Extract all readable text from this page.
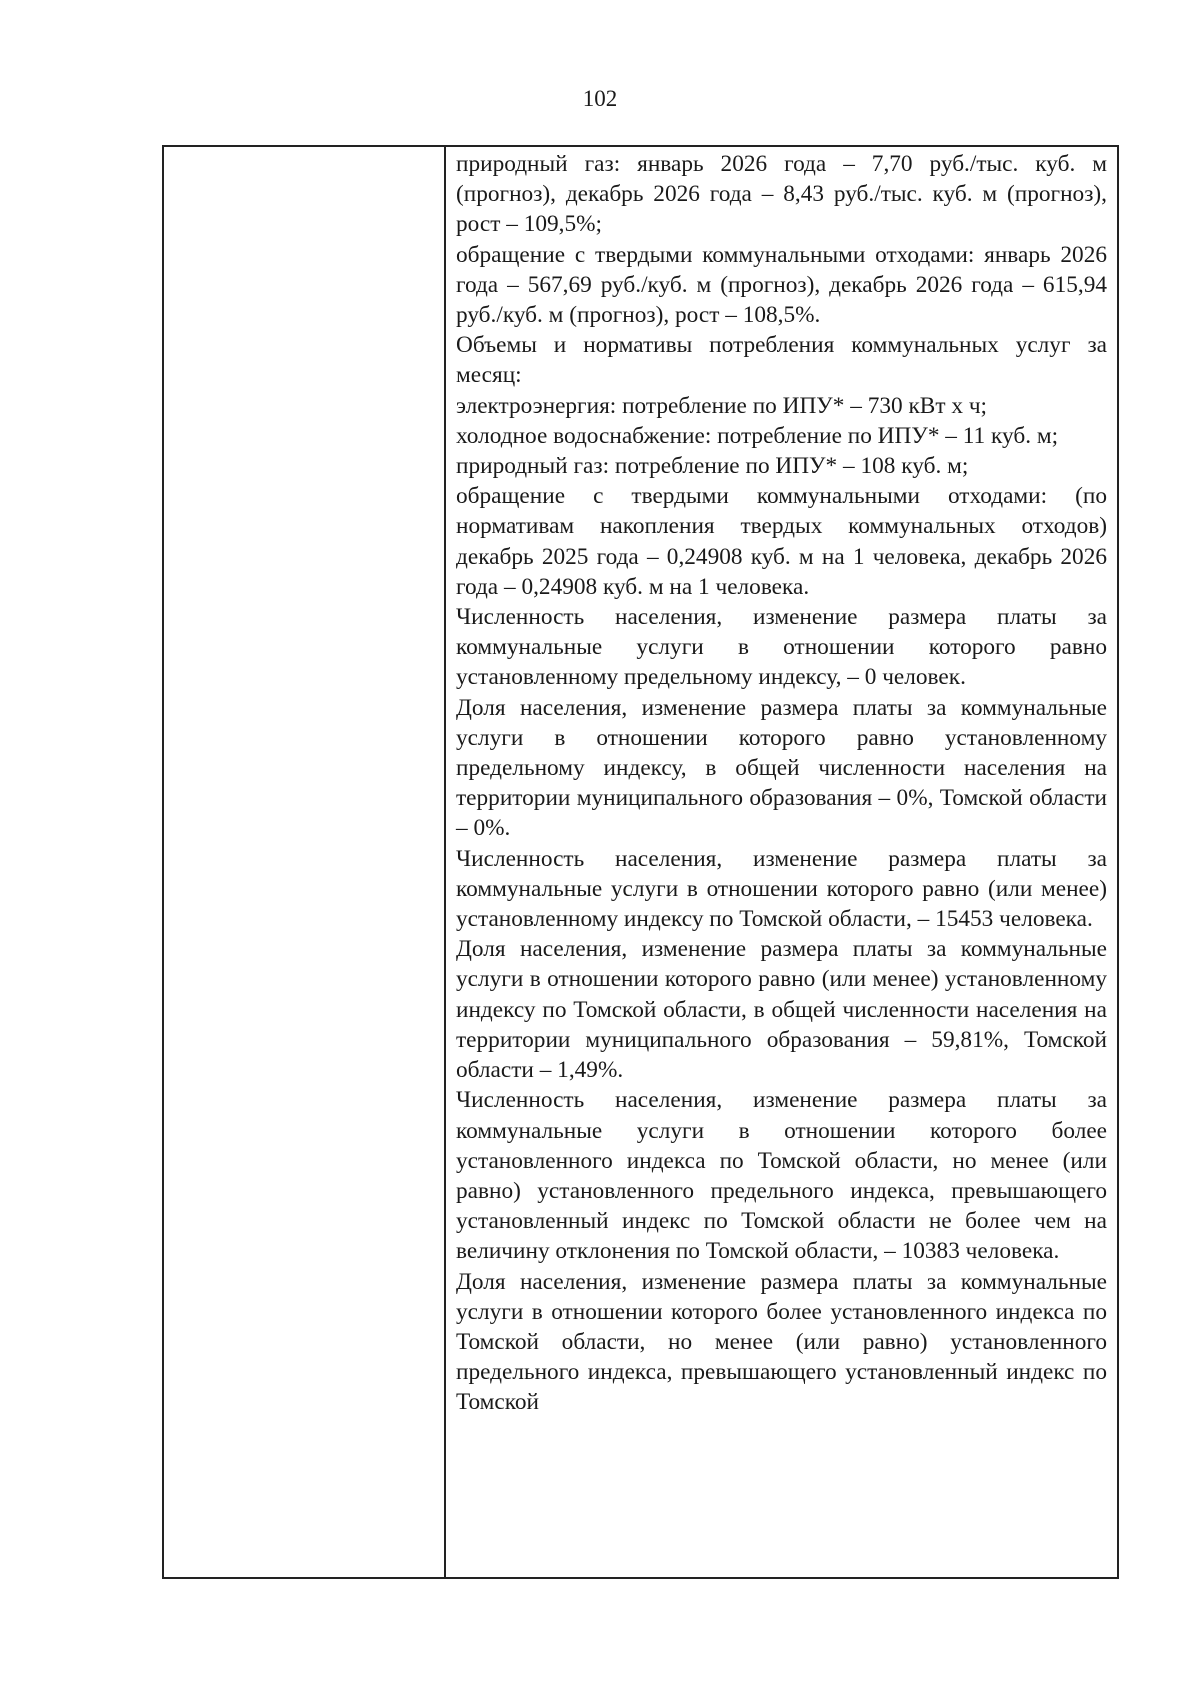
102

природный газ: январь 2026 года – 7,70 руб./тыс. куб. м (прогноз), декабрь 2026 года – 8,43 руб./тыс. куб. м (прогноз), рост – 109,5%;

обращение с твердыми коммунальными отходами: январь 2026 года – 567,69 руб./куб. м (прогноз), декабрь 2026 года – 615,94 руб./куб. м (прогноз), рост – 108,5%.

Объемы и нормативы потребления коммунальных услуг за месяц:

электроэнергия: потребление по ИПУ* – 730 кВт х ч;

холодное водоснабжение: потребление по ИПУ* – 11 куб. м;

природный газ: потребление по ИПУ* – 108 куб. м;

обращение с твердыми коммунальными отходами: (по нормативам накопления твердых коммунальных отходов) декабрь 2025 года – 0,24908 куб. м на 1 человека, декабрь 2026 года – 0,24908 куб. м на 1 человека.

Численность населения, изменение размера платы за коммунальные услуги в отношении которого равно установленному предельному индексу, – 0 человек.

Доля населения, изменение размера платы за коммунальные услуги в отношении которого равно установленному предельному индексу, в общей численности населения на территории муниципального образования – 0%, Томской области – 0%.

Численность населения, изменение размера платы за коммунальные услуги в отношении которого равно (или менее) установленному индексу по Томской области, – 15453 человека.

Доля населения, изменение размера платы за коммунальные услуги в отношении которого равно (или менее) установленному индексу по Томской области, в общей численности населения на территории муниципального образования – 59,81%, Томской области – 1,49%.

Численность населения, изменение размера платы за коммунальные услуги в отношении которого более установленного индекса по Томской области, но менее (или равно) установленного предельного индекса, превышающего установленный индекс по Томской области не более чем на величину отклонения по Томской области, – 10383 человека.

Доля населения, изменение размера платы за коммунальные услуги в отношении которого более установленного индекса по Томской области, но менее (или равно) установленного предельного индекса, превышающего установленный индекс по Томской
